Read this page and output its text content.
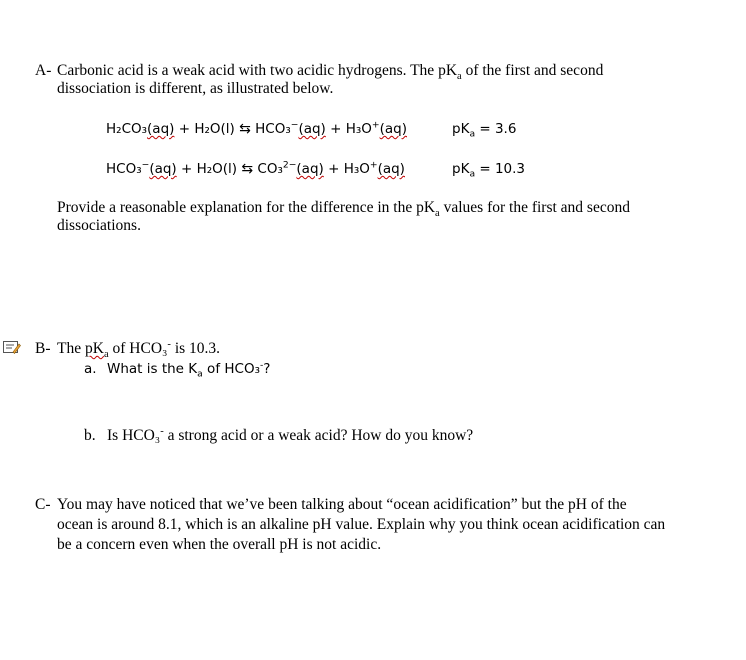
A- Carbonic acid is a weak acid with two acidic hydrogens. The $pK_a$ of the first and second
dissociation is different, as illustrated below.
H₂CO₃(aq) + H₂O(l) ⇆ HCO₃−(aq) + H₃O+(aq)	$pK_a = 3.6$
HCO₃−(aq) + H₂O(l) ⇆ CO₃$^{2-}$(aq) + H₃O+(aq)	$pK_a = 10.3$
Provide a reasonable explanation for the difference in the $pK_a$ values for the first and second
dissociations.
B- The $pK_a$ of HCO₃- is 10.3.
a. What is the $K_a$ of HCO₃-?
b. Is HCO₃- a strong acid or a weak acid? How do you know?
C- You may have noticed that we’ve been talking about “ocean acidification” but the pH of the
ocean is around 8.1, which is an alkaline pH value. Explain why you think ocean acidification can
be a concern even when the overall pH is not acidic.
